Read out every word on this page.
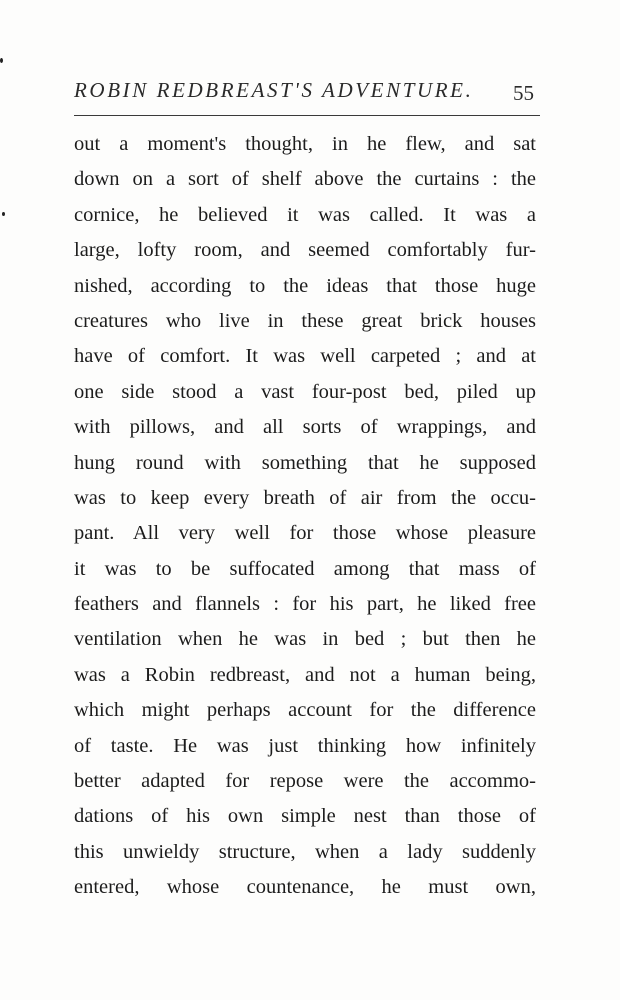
ROBIN REDBREAST'S ADVENTURE. 55
out a moment's thought, in he flew, and sat
down on a sort of shelf above the curtains : the
cornice, he believed it was called. It was a
large, lofty room, and seemed comfortably fur-
nished, according to the ideas that those huge
creatures who live in these great brick houses
have of comfort. It was well carpeted ; and at
one side stood a vast four-post bed, piled up
with pillows, and all sorts of wrappings, and
hung round with something that he supposed
was to keep every breath of air from the occu-
pant. All very well for those whose pleasure
it was to be suffocated among that mass of
feathers and flannels : for his part, he liked free
ventilation when he was in bed ; but then he
was a Robin redbreast, and not a human being,
which might perhaps account for the difference
of taste. He was just thinking how infinitely
better adapted for repose were the accommo-
dations of his own simple nest than those of
this unwieldy structure, when a lady suddenly
entered, whose countenance, he must own,
